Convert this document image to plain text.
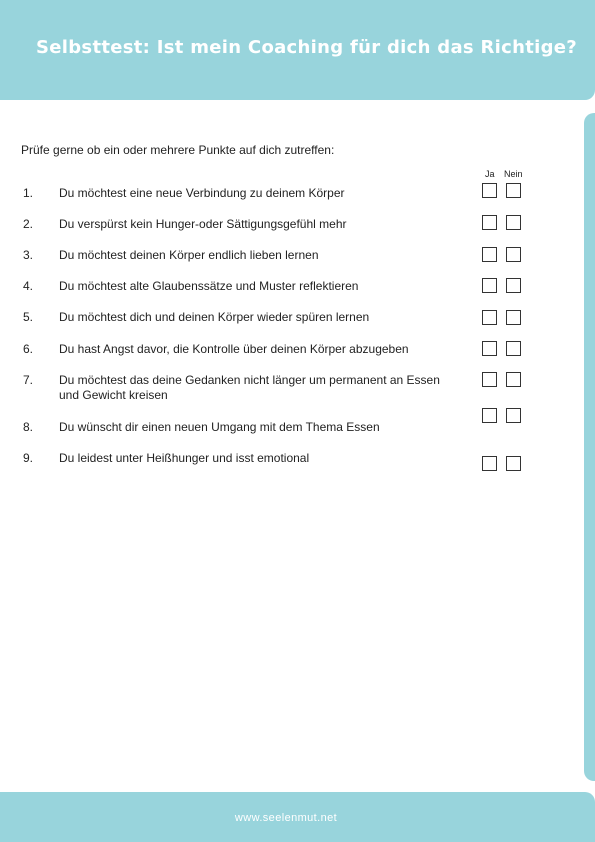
Selbsttest: Ist mein Coaching für dich das Richtige?
Prüfe gerne ob ein oder mehrere Punkte auf dich zutreffen:
Ja Nein
1. Du möchtest eine neue Verbindung zu deinem Körper
2. Du verspürst kein Hunger-oder Sättigungsgefühl mehr
3. Du möchtest deinen Körper endlich lieben lernen
4. Du möchtest alte Glaubenssätze und Muster reflektieren
5. Du möchtest dich und deinen Körper wieder spüren lernen
6. Du hast Angst davor, die Kontrolle über deinen Körper abzugeben
7. Du möchtest das deine Gedanken nicht länger um permanent an Essen und Gewicht kreisen
8. Du wünscht dir einen neuen Umgang mit dem Thema Essen
9. Du leidest unter Heißhunger und isst emotional
www.seelenmut.net
